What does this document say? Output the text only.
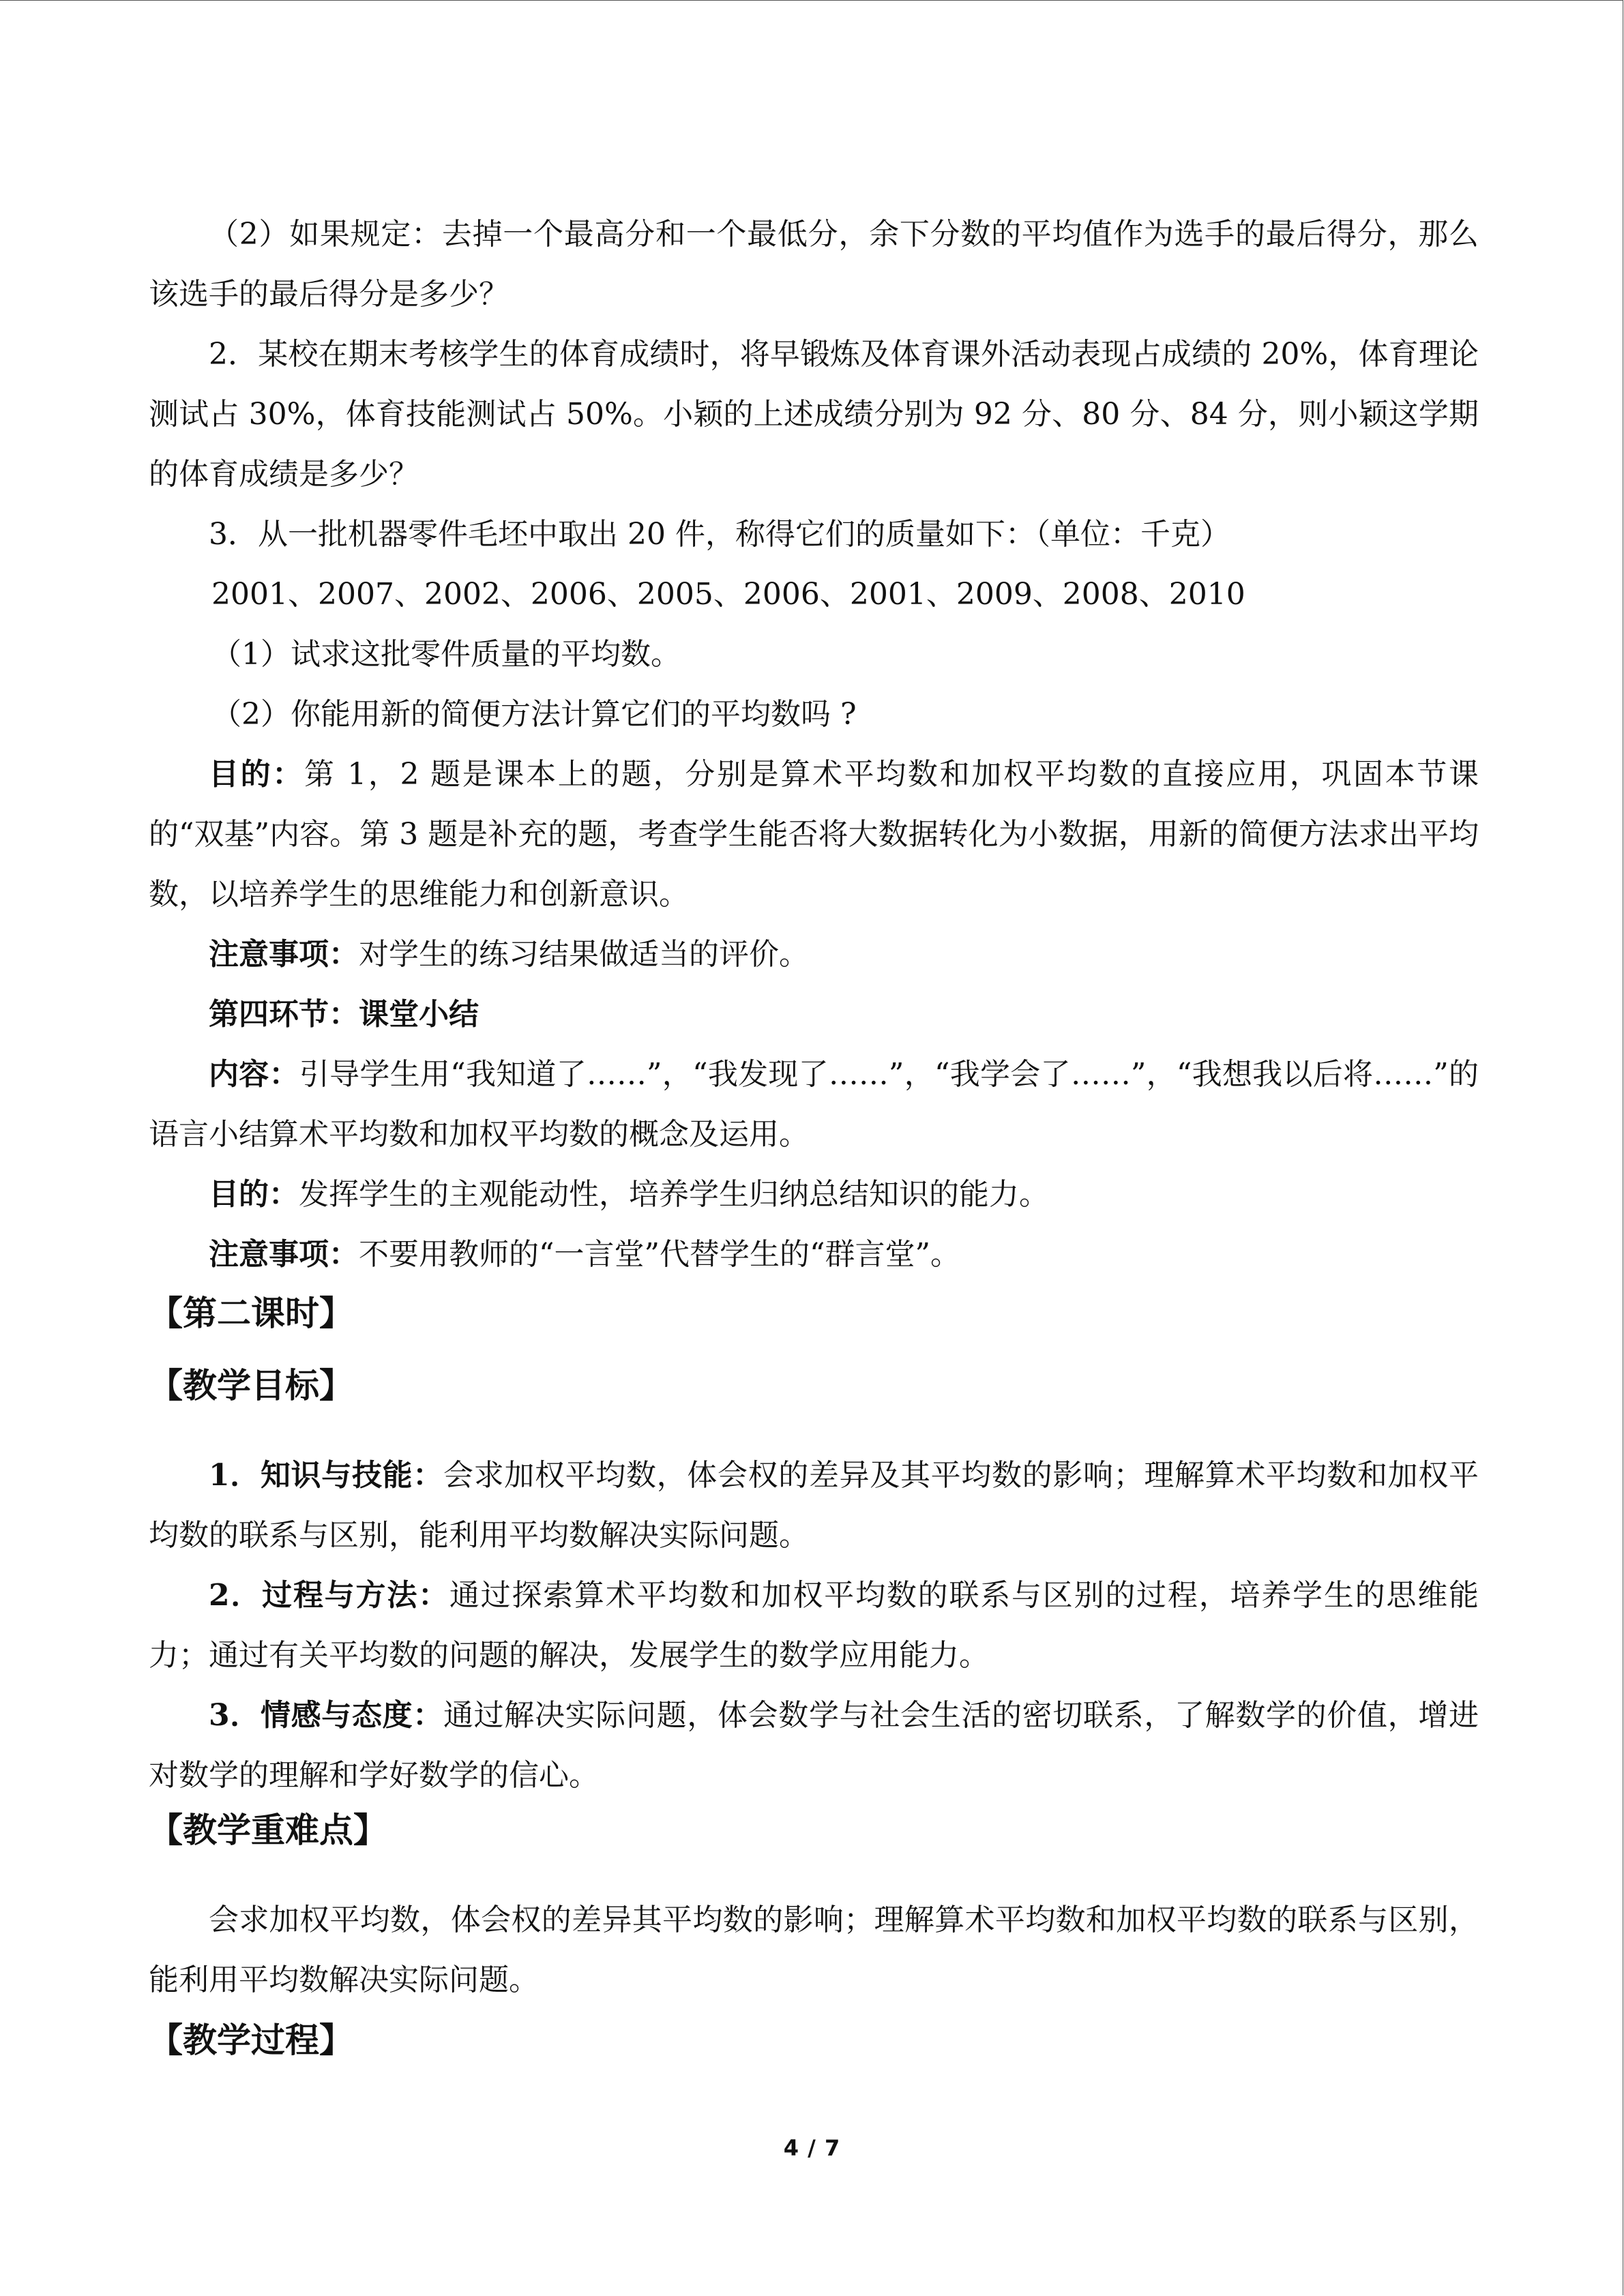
（2）如果规定：去掉一个最高分和一个最低分，余下分数的平均值作为选手的最后得分，那么该选手的最后得分是多少？

2．某校在期末考核学生的体育成绩时，将早锻炼及体育课外活动表现占成绩的 20%，体育理论测试占 30%，体育技能测试占 50%。小颖的上述成绩分别为 92 分、80 分、84 分，则小颖这学期的体育成绩是多少？

3．从一批机器零件毛坯中取出 20 件，称得它们的质量如下：（单位：千克）

2001、2007、2002、2006、2005、2006、2001、2009、2008、2010

（1）试求这批零件质量的平均数。

（2）你能用新的简便方法计算它们的平均数吗 ?

目的：第 1，2 题是课本上的题，分别是算术平均数和加权平均数的直接应用，巩固本节课的“双基”内容。第 3 题是补充的题，考查学生能否将大数据转化为小数据，用新的简便方法求出平均数，以培养学生的思维能力和创新意识。

注意事项：对学生的练习结果做适当的评价。

第四环节：课堂小结

内容：引导学生用“我知道了……”，“我发现了……”，“我学会了……”，“我想我以后将……”的语言小结算术平均数和加权平均数的概念及运用。

目的：发挥学生的主观能动性，培养学生归纳总结知识的能力。

注意事项：不要用教师的“一言堂”代替学生的“群言堂”。

【第二课时】
【教学目标】

1．知识与技能：会求加权平均数，体会权的差异及其平均数的影响；理解算术平均数和加权平均数的联系与区别，能利用平均数解决实际问题。

2．过程与方法：通过探索算术平均数和加权平均数的联系与区别的过程，培养学生的思维能力；通过有关平均数的问题的解决，发展学生的数学应用能力。

3．情感与态度：通过解决实际问题，体会数学与社会生活的密切联系，了解数学的价值，增进对数学的理解和学好数学的信心。

【教学重难点】

会求加权平均数，体会权的差异其平均数的影响；理解算术平均数和加权平均数的联系与区别，能利用平均数解决实际问题。

【教学过程】
4 / 7
